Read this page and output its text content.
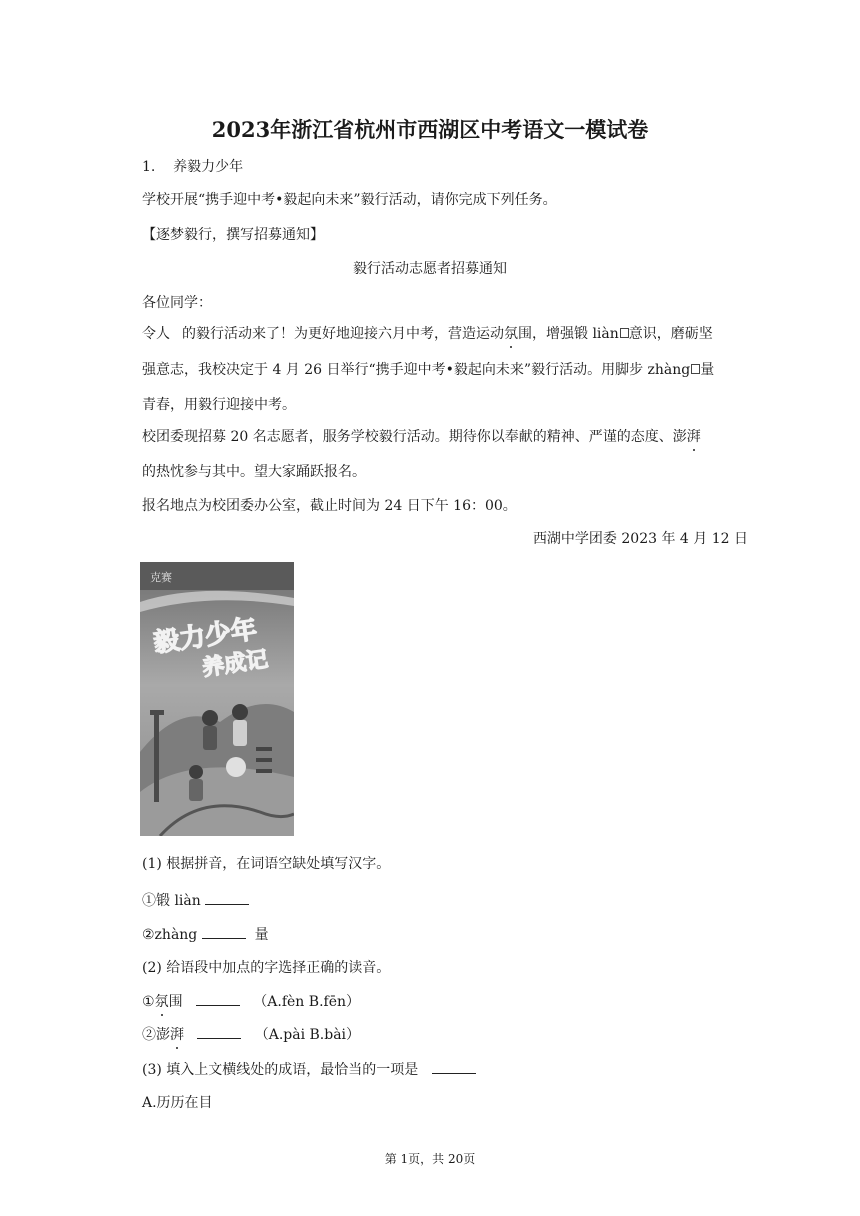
2023年浙江省杭州市西湖区中考语文一模试卷
1. 养毅力少年
学校开展“携手迎中考•毅起向未来”毅行活动，请你完成下列任务。
【逐梦毅行，撰写招募通知】
毅行活动志愿者招募通知
各位同学：
令人 的毅行活动来了！为更好地迎接六月中考，营造运动氛围，增强锻 liàn 意识，磨砺坚
强意志，我校决定于 4 月 26 日举行“携手迎中考•毅起向未来”毅行活动。用脚步 zhàng 量
青春，用毅行迎接中考。
校团委现招募 20 名志愿者，服务学校毅行活动。期待你以奉献的精神、严谨的态度、澎湃
的热忱参与其中。望大家踊跃报名。
报名地点为校团委办公室，截止时间为 24 日下午 16：00。
西湖中学团委 2023 年 4 月 12 日
克赛
毅力少年
养成记
(1) 根据拼音，在词语空缺处填写汉字。
①锻 liàn
②zhàng	量
(2) 给语段中加点的字选择正确的读音。
①氛围	（A.fèn B.fēn）
②澎湃	（A.pài B.bài）
(3) 填入上文横线处的成语，最恰当的一项是
A.历历在目
第 1页，共 20页
